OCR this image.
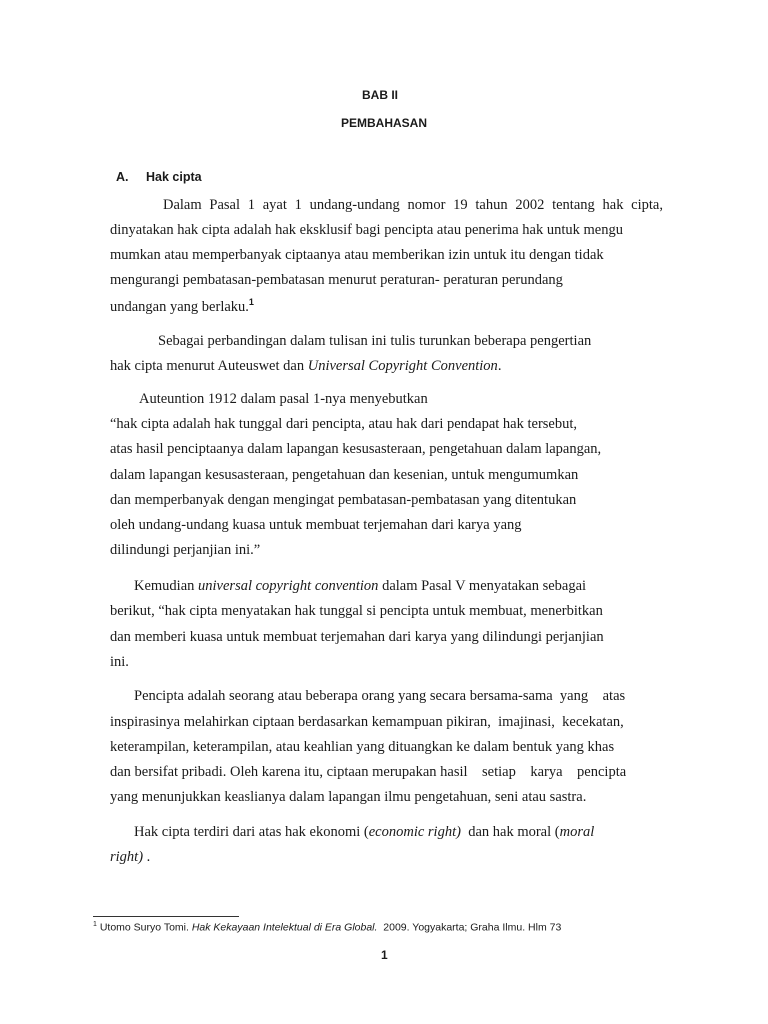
BAB II
PEMBAHASAN
A. Hak cipta
Dalam Pasal 1 ayat 1 undang-undang nomor 19 tahun 2002 tentang hak cipta,
dinyatakan hak cipta adalah hak eksklusif bagi pencipta atau penerima hak untuk mengu
mumkan atau memperbanyak ciptaanya atau memberikan izin untuk itu dengan tidak
mengurangi pembatasan-pembatasan menurut peraturan- peraturan perundang
undangan yang berlaku.$^1$
Sebagai perbandingan dalam tulisan ini tulis turunkan beberapa pengertian
hak cipta menurut Auteuswet dan Universal Copyright Convention.
Auteuntion 1912 dalam pasal 1-nya menyebutkan
“hak cipta adalah hak tunggal dari pencipta, atau hak dari pendapat hak tersebut,
atas hasil penciptaanya dalam lapangan kesusasteraan, pengetahuan dalam lapangan,
dalam lapangan kesusasteraan, pengetahuan dan kesenian, untuk mengumumkan
dan memperbanyak dengan mengingat pembatasan-pembatasan yang ditentukan
oleh undang-undang kuasa untuk membuat terjemahan dari karya yang
dilindungi perjanjian ini.”
Kemudian universal copyright convention dalam Pasal V menyatakan sebagai
berikut, “hak cipta menyatakan hak tunggal si pencipta untuk membuat, menerbitkan
dan memberi kuasa untuk membuat terjemahan dari karya yang dilindungi perjanjian
ini.
Pencipta adalah seorang atau beberapa orang yang secara bersama-sama  yang    atas
inspirasinya melahirkan ciptaan berdasarkan kemampuan pikiran,  imajinasi,  kecekatan,
keterampilan, keterampilan, atau keahlian yang dituangkan ke dalam bentuk yang khas
dan bersifat pribadi. Oleh karena itu, ciptaan merupakan hasil    setiap    karya    pencipta
yang menunjukkan keaslianya dalam lapangan ilmu pengetahuan, seni atau sastra.
Hak cipta terdiri dari atas hak ekonomi (economic right)  dan hak moral (moral
right) .
$^1$ Utomo Suryo Tomi. Hak Kekayaan Intelektual di Era Global.  2009. Yogyakarta; Graha Ilmu. Hlm 73
1
